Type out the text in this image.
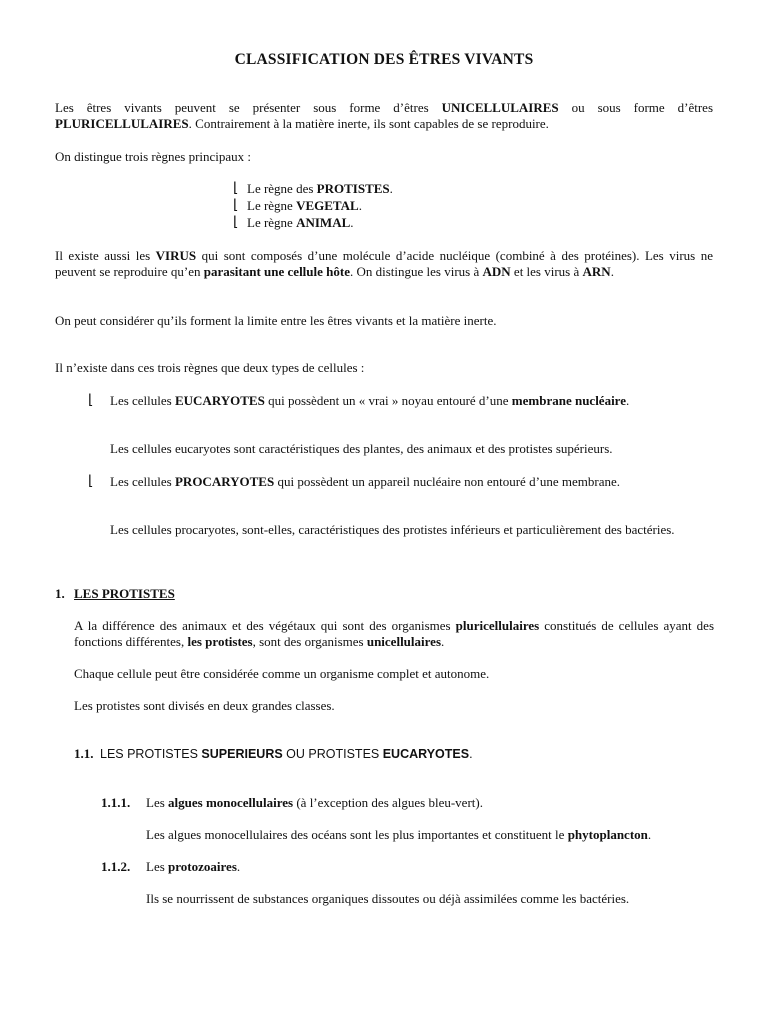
CLASSIFICATION DES ÊTRES VIVANTS
Les êtres vivants peuvent se présenter sous forme d’êtres UNICELLULAIRES ou sous forme d’êtres PLURICELLULAIRES. Contrairement à la matière inerte, ils sont capables de se reproduire.
On distingue trois règnes principaux :
⌊ Le règne des PROTISTES.
⌊ Le règne VEGETAL.
⌊ Le règne ANIMAL.
Il existe aussi les VIRUS qui sont composés d’une molécule d’acide nucléique (combiné à des protéines). Les virus ne peuvent se reproduire qu’en parasitant une cellule hôte. On distingue les virus à ADN et les virus à ARN.
On peut considérer qu’ils forment la limite entre les êtres vivants et la matière inerte.
Il n’existe dans ces trois règnes que deux types de cellules :
⌊ Les cellules EUCARYOTES qui possèdent un « vrai » noyau entouré d’une membrane nucléaire.
Les cellules eucaryotes sont caractéristiques des plantes, des animaux et des protistes supérieurs.
⌊ Les cellules PROCARYOTES qui possèdent un appareil nucléaire non entouré d’une membrane.
Les cellules procaryotes, sont-elles, caractéristiques des protistes inférieurs et particulièrement des bactéries.
1. LES PROTISTES
A la différence des animaux et des végétaux qui sont des organismes pluricellulaires constitués de cellules ayant des fonctions différentes, les protistes, sont des organismes unicellulaires.
Chaque cellule peut être considérée comme un organisme complet et autonome.
Les protistes sont divisés en deux grandes classes.
1.1. LES PROTISTES SUPERIEURS OU PROTISTES EUCARYOTES.
1.1.1. Les algues monocellulaires (à l’exception des algues bleu-vert).
Les algues monocellulaires des océans sont les plus importantes et constituent le phytoplancton.
1.1.2. Les protozoaires.
Ils se nourrissent de substances organiques dissoutes ou déjà assimilées comme les bactéries.
